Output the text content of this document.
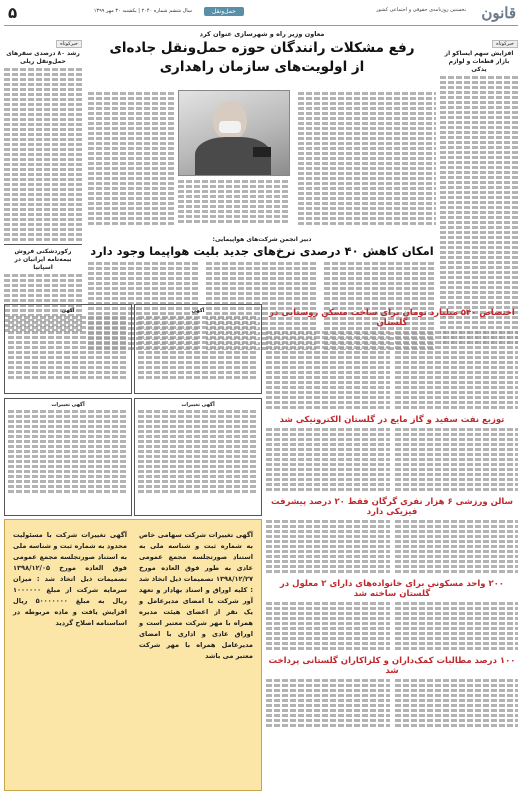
قانون
نخستین روزنامه‌ی حقوقی و اجتماعی کشور
حمل‌ونقل
سال ششم شماره ۲۰۴۰ | یکشنبه ۳۰ مهر ۱۳۹۹
۵
خبر‌کوتاه
افزایش سهم ایساکو از بازار قطعات و لوازم یدکی
خبر‌کوتاه
رشد ۸۰ درصدی سفرهای حمل‌ونقل ریلی
رکورد‌شکنی فروش بیمه‌نامه ایرانیان در اسپانیا
معاون وزیر راه و شهرسازی عنوان کرد
رفع مشکلات رانندگان حوزه حمل‌ونقل جاده‌ای
از اولویت‌های سازمان راهداری
دبیر انجمن شرکت‌های هواپیمایی:
امکان کاهش ۴۰ درصدی نرخ‌های جدید بلیت هواپیما وجود دارد
آگهی	آگهی
آگهی تغییرات	آگهی تغییرات
آگهی تغییرات شرکت سهامی خاص به شماره ثبت و شناسه ملی به استناد صورتجلسه مجمع عمومی عادی به طور فوق العاده مورخ ۱۳۹۸/۱۲/۲۷ تصمیمات ذیل اتخاذ شد : کلیه اوراق و اسناد بهادار و تعهد آور شرکت با امضای مدیرعامل و یک نفر از اعضای هیئت مدیره همراه با مهر شرکت معتبر است و اوراق عادی و اداری با امضای مدیرعامل همراه با مهر شرکت معتبر می باشد
آگهی تغییرات شرکت با مسئولیت محدود به شماره ثبت و شناسه ملی به استناد صورتجلسه مجمع عمومی فوق العاده مورخ ۱۳۹۸/۱۲/۰۵ تصمیمات ذیل اتخاذ شد : میزان سرمایه شرکت از مبلغ ۱۰۰۰۰۰۰ ریال به مبلغ ۵۰۰۰۰۰۰۰ ریال افزایش یافت و ماده مربوطه در اساسنامه اصلاح گردید
اختصاص ۵۴۰ میلیارد تومان برای ساخت مسکن روستایی در گلستان
توزیع نفت سفید و گاز مایع در گلستان الکترونیکی شد
سالن ورزشی ۶ هزار نفری گرگان فقط ۲۰ درصد پیشرفت فیزیکی دارد
۲۰۰ واحد مسکونی برای خانواده‌های دارای ۲ معلول در گلستان ساخته شد
۱۰۰ درصد مطالبات کمک‌داران و کلزاکاران گلستانی پرداخت شد
